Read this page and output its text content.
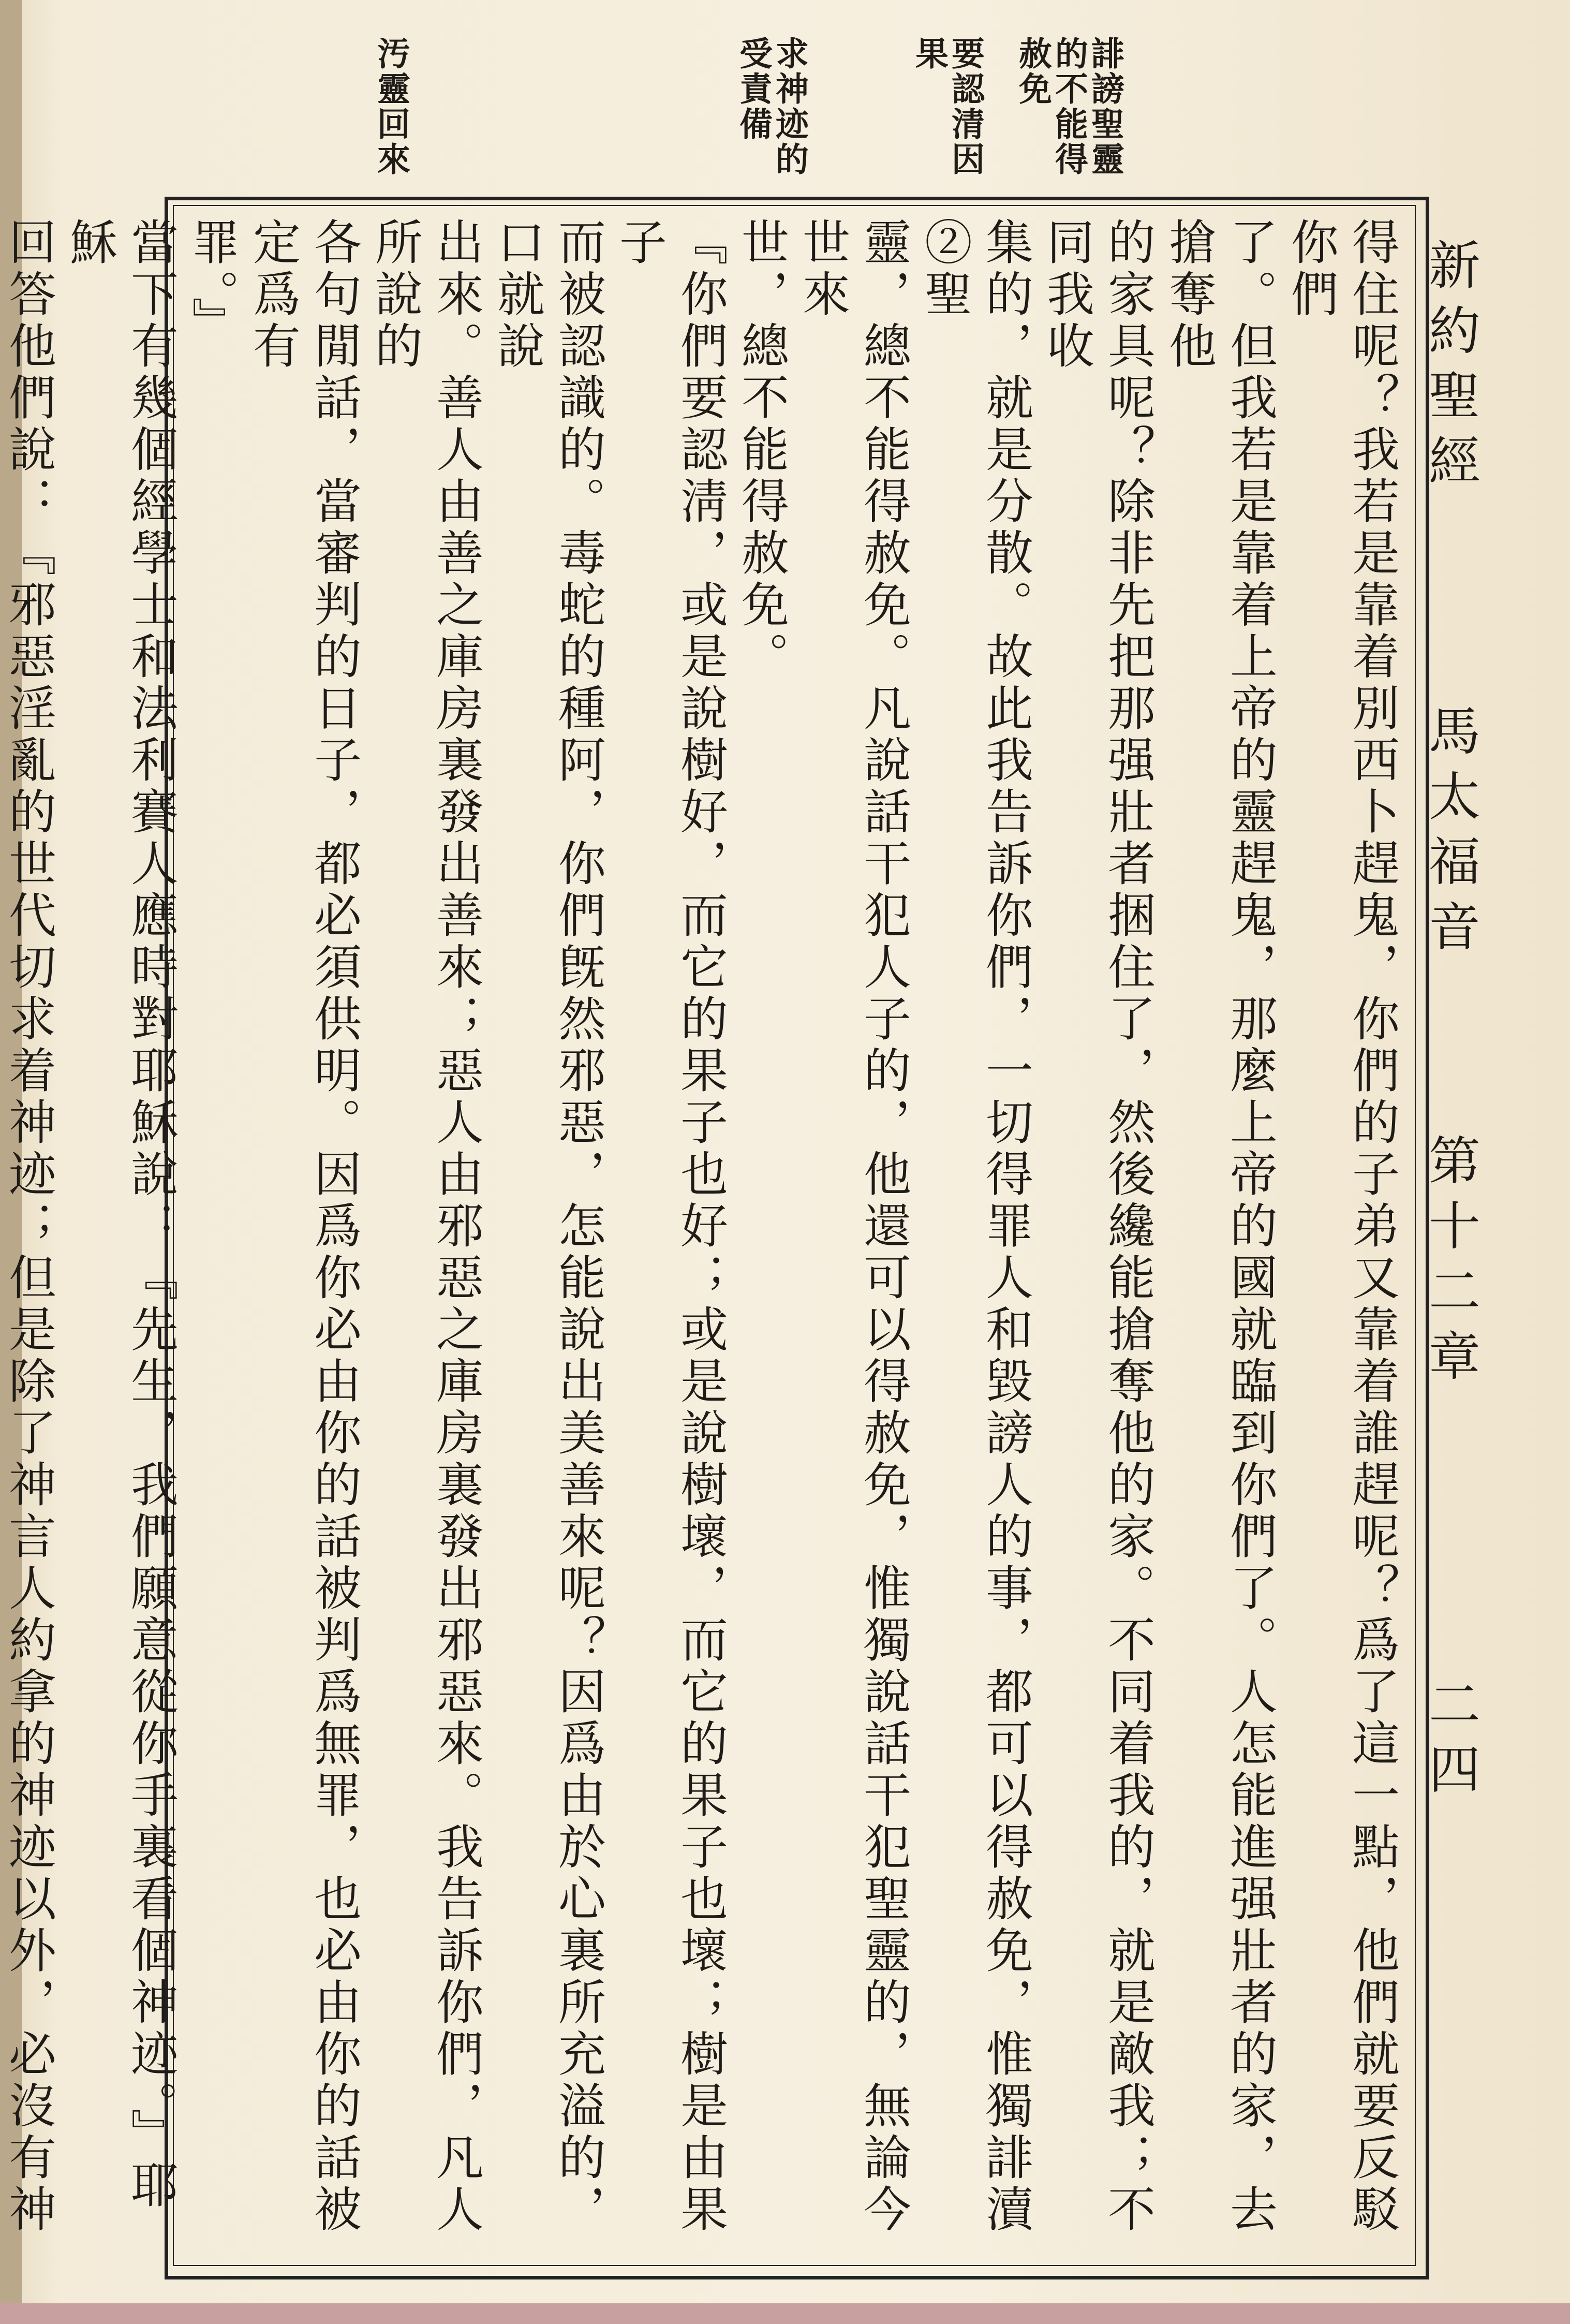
誹謗聖靈的不能得赦免
要認清因果
求神迹的受責備
汚靈回來

得住呢？我若是靠着別西卜趕鬼，你們的子弟又靠着誰趕呢？爲了這一點，他們就要反駁你們

了。但我若是靠着上帝的靈趕鬼，那麼上帝的國就臨到你們了。人怎能進强壯者的家，去搶奪他

的家具呢？除非先把那强壯者捆住了，然後纔能搶奪他的家。不同着我的，就是敵我；不同我收

集的，就是分散。故此我告訴你們，一切得罪人和毀謗人的事，都可以得赦免，惟獨誹瀆②聖

靈，總不能得赦免。凡說話干犯人子的，他還可以得赦免，惟獨說話干犯聖靈的，無論今世來

世，總不能得赦免。

『你們要認淸，或是說樹好，而它的果子也好；或是說樹壞，而它的果子也壞；樹是由果子

而被認識的。毒蛇的種阿，你們旣然邪惡，怎能說出美善來呢？因爲由於心裏所充溢的，口就說

出來。善人由善之庫房裏發出善來；惡人由邪惡之庫房裏發出邪惡來。我告訴你們，凡人所說的

各句閒話，當審判的日子，都必須供明。因爲你必由你的話被判爲無罪，也必由你的話被定爲有

罪。』

當下有幾個經學士和法利賽人應時對耶穌說：『先生，我們願意從你手裏看個神迹。』耶穌

回答他們說：『邪惡淫亂的世代切求着神迹；但是除了神言人約拿的神迹以外，必沒有神

新約聖經
馬太福音
第十二章
二四
